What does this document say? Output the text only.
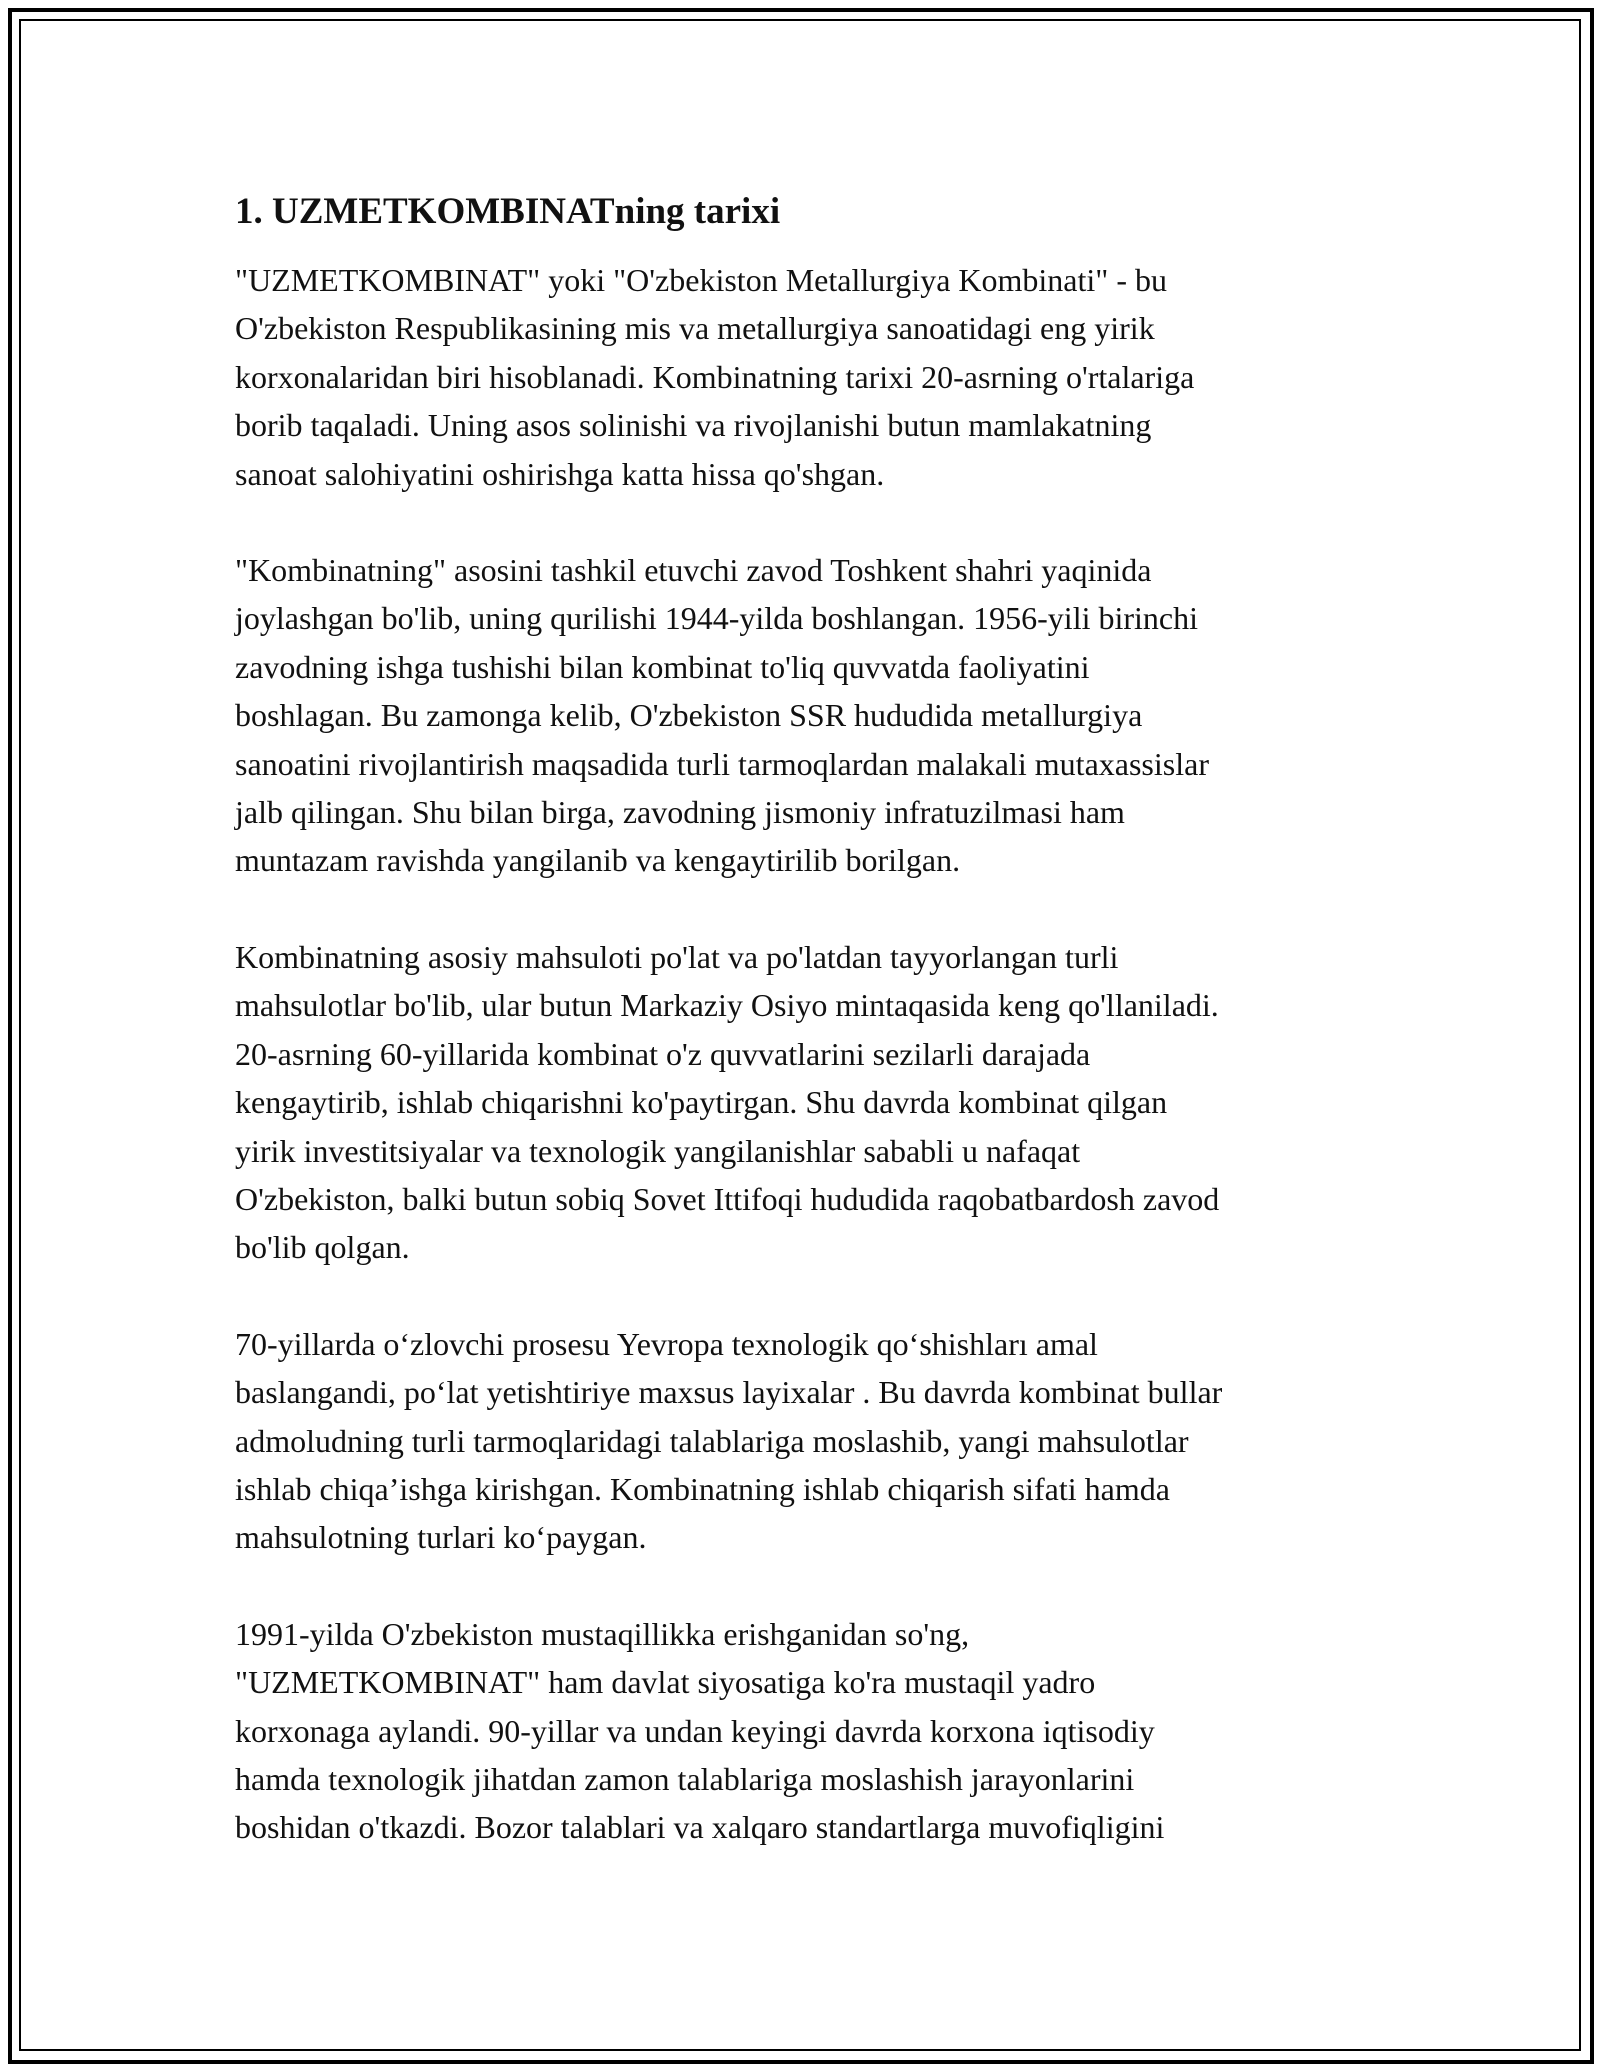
1. UZMETKOMBINATning tarixi
"UZMETKOMBINAT" yoki "O'zbekiston Metallurgiya Kombinati" - bu
O'zbekiston Respublikasining mis va metallurgiya sanoatidagi eng yirik
korxonalaridan biri hisoblanadi. Kombinatning tarixi 20-asrning o'rtalariga
borib taqaladi. Uning asos solinishi va rivojlanishi butun mamlakatning
sanoat salohiyatini oshirishga katta hissa qo'shgan.
"Kombinatning" asosini tashkil etuvchi zavod Toshkent shahri yaqinida
joylashgan bo'lib, uning qurilishi 1944-yilda boshlangan. 1956-yili birinchi
zavodning ishga tushishi bilan kombinat to'liq quvvatda faoliyatini
boshlagan. Bu zamonga kelib, O'zbekiston SSR hududida metallurgiya
sanoatini rivojlantirish maqsadida turli tarmoqlardan malakali mutaxassislar
jalb qilingan. Shu bilan birga, zavodning jismoniy infratuzilmasi ham
muntazam ravishda yangilanib va kengaytirilib borilgan.
Kombinatning asosiy mahsuloti po'lat va po'latdan tayyorlangan turli
mahsulotlar bo'lib, ular butun Markaziy Osiyo mintaqasida keng qo'llaniladi.
20-asrning 60-yillarida kombinat o'z quvvatlarini sezilarli darajada
kengaytirib, ishlab chiqarishni ko'paytirgan. Shu davrda kombinat qilgan
yirik investitsiyalar va texnologik yangilanishlar sababli u nafaqat
O'zbekiston, balki butun sobiq Sovet Ittifoqi hududida raqobatbardosh zavod
bo'lib qolgan.
70-yillarda o‘zlovchi prosesu Yevropa texnologik qo‘shishları amal
baslangandi, po‘lat yetishtiriye maxsus layixalar . Bu davrda kombinat bullar
admoludning turli tarmoqlaridagi talablariga moslashib, yangi mahsulotlar
ishlab chiqa’ishga kirishgan. Kombinatning ishlab chiqarish sifati hamda
mahsulotning turlari ko‘paygan.
1991-yilda O'zbekiston mustaqillikka erishganidan so'ng,
"UZMETKOMBINAT" ham davlat siyosatiga ko'ra mustaqil yadro
korxonaga aylandi. 90-yillar va undan keyingi davrda korxona iqtisodiy
hamda texnologik jihatdan zamon talablariga moslashish jarayonlarini
boshidan o'tkazdi. Bozor talablari va xalqaro standartlarga muvofiqligini
